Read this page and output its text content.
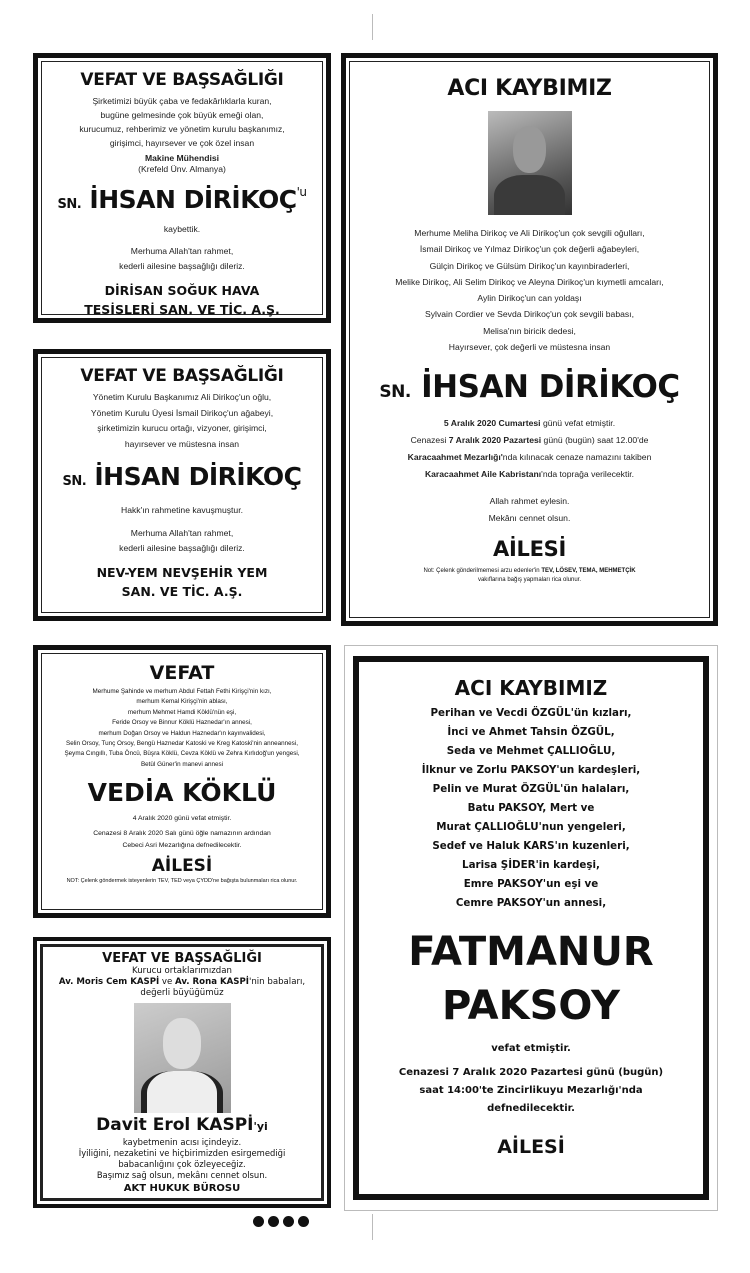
VEFAT VE BAŞSAĞLIĞI
Şirketimizi büyük çaba ve fedakârlıklarla kuran,
bugüne gelmesinde çok büyük emeği olan,
kurucumuz, rehberimiz ve yönetim kurulu başkanımız,
girişimci, hayırsever ve çok özel insan
Makine Mühendisi
(Krefeld Ünv. Almanya)
SN. İHSAN $DİRİKOÇ^{'u}$
kaybettik.
Merhuma Allah'tan rahmet,
kederli ailesine başsağlığı dileriz.
DİRİSAN SOĞUK HAVA
TESİSLERİ SAN. VE TİC. A.Ş.
VEFAT VE BAŞSAĞLIĞI
Yönetim Kurulu Başkanımız Ali Dirikoç'un oğlu,
Yönetim Kurulu Üyesi İsmail Dirikoç'un ağabeyi,
şirketimizin kurucu ortağı, vizyoner, girişimci,
hayırsever ve müstesna insan
SN. İHSAN DİRİKOÇ
Hakk'ın rahmetine kavuşmuştur.
Merhuma Allah'tan rahmet,
kederli ailesine başsağlığı dileriz.
NEV-YEM NEVŞEHİR YEM
SAN. VE TİC. A.Ş.
ACI KAYBIMIZ
Merhume Meliha Dirikoç ve Ali Dirikoç'un çok sevgili oğulları,
İsmail Dirikoç ve Yılmaz Dirikoç'un çok değerli ağabeyleri,
Gülçin Dirikoç ve Gülsüm Dirikoç'un kayınbiraderleri,
Melike Dirikoç, Ali Selim Dirikoç ve Aleyna Dirikoç'un kıymetli amcaları,
Aylin Dirikoç'un can yoldaşı
Sylvain Cordier ve Sevda Dirikoç'un çok sevgili babası,
Melisa'nın biricik dedesi,
Hayırsever, çok değerli ve müstesna insan
SN. İHSAN DİRİKOÇ
5 Aralık 2020 Cumartesi günü vefat etmiştir.
Cenazesi 7 Aralık 2020 Pazartesi günü (bugün) saat 12.00'de
Karacaahmet Mezarlığı'nda kılınacak cenaze namazını takiben
Karacaahmet Aile Kabristanı'nda toprağa verilecektir.
Allah rahmet eylesin.
Mekânı cennet olsun.
AİLESİ
Not: Çelenk gönderilmemesi arzu edenler'in TEV, LÖSEV, TEMA, MEHMETÇİK
vakıflarına bağış yapmaları rica olunur.
VEFAT
Merhume Şahinde ve merhum Abdul Fettah Fethi Kirişçi'nin kızı,
merhum Kemal Kirişçi'nin ablası,
merhum Mehmet Hamdi Köklü'nün eşi,
Feride Orsoy ve Binnur Köklü Haznedar'ın annesi,
merhum Doğan Orsoy ve Haldun Haznedar'ın kayınvalidesi,
Selin Orsoy, Tunç Orsoy, Bengü Haznedar Katoski ve Kreg Katoski'nin anneannesi,
Şeyma Cıngıllı, Tuba Öncü, Büşra Köklü, Cevza Köklü ve Zehra Kırlıdoğ'un yengesi,
Betül Güner'in manevi annesi
VEDİA KÖKLÜ
4 Aralık 2020 günü vefat etmiştir.
Cenazesi 8 Aralık 2020 Salı günü öğle namazının ardından
Cebeci Asri Mezarlığına defnedilecektir.
AİLESİ
NOT: Çelenk göndermek isteyenlerin TEV, TED veya ÇYDD'ne bağışta bulunmaları rica olunur.
VEFAT VE BAŞSAĞLIĞI
Kurucu ortaklarımızdan
Av. Moris Cem KASPİ ve Av. Rona KASPİ'nin babaları,
değerli büyüğümüz
Davit Erol KASPİ'yi
kaybetmenin acısı içindeyiz.
İyiliğini, nezaketini ve hiçbirimizden esirgemediği
babacanlığını çok özleyeceğiz.
Başımız sağ olsun, mekânı cennet olsun.
AKT HUKUK BÜROSU
ACI KAYBIMIZ
Perihan ve Vecdi ÖZGÜL'ün kızları,
İnci ve Ahmet Tahsin ÖZGÜL,
Seda ve Mehmet ÇALLIOĞLU,
İlknur ve Zorlu PAKSOY'un kardeşleri,
Pelin ve Murat ÖZGÜL'ün halaları,
Batu PAKSOY, Mert ve
Murat ÇALLIOĞLU'nun yengeleri,
Sedef ve Haluk KARS'ın kuzenleri,
Larisa ŞİDER'in kardeşi,
Emre PAKSOY'un eşi ve
Cemre PAKSOY'un annesi,
FATMANUR
PAKSOY
vefat etmiştir.
Cenazesi 7 Aralık 2020 Pazartesi günü (bugün)
saat 14:00'te Zincirlikuyu Mezarlığı'nda
defnedilecektir.
AİLESİ
